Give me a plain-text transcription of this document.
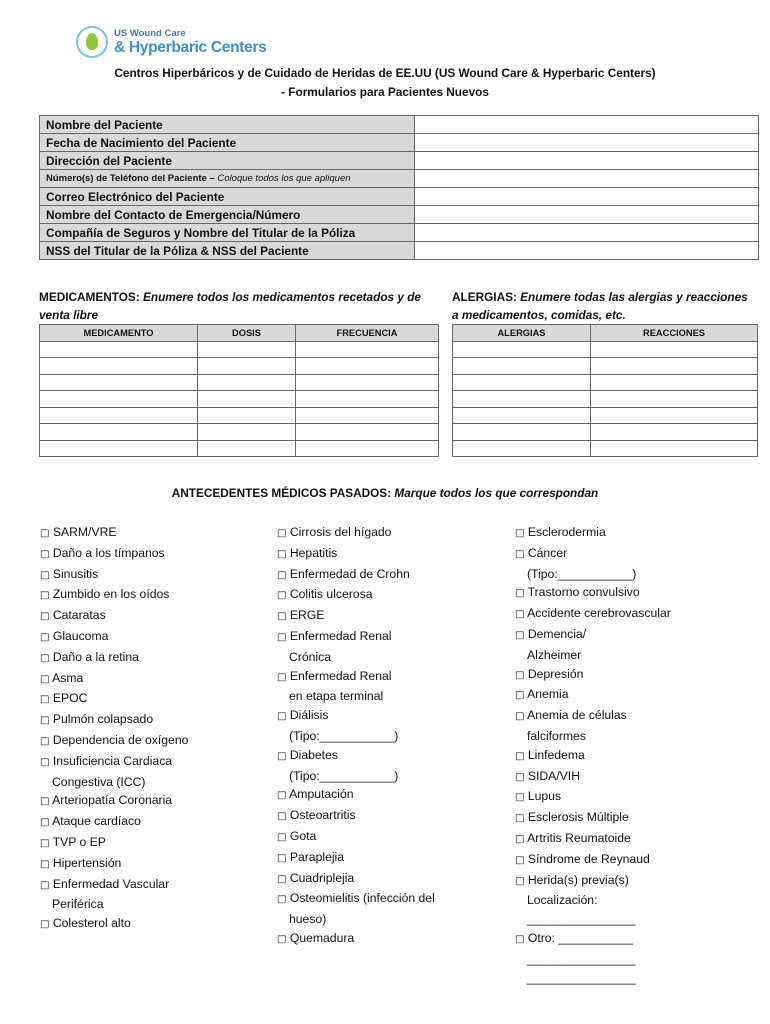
US Wound Care
& Hyperbaric Centers
Centros Hiperbáricos y de Cuidado de Heridas de EE.UU (US Wound Care & Hyperbaric Centers)
- Formularios para Pacientes Nuevos
Nombre del Paciente	
Fecha de Nacimiento del Paciente	
Dirección del Paciente	
Número(s) de Teléfono del Paciente – Coloque todos los que apliquen	
Correo Electrónico del Paciente	
Nombre del Contacto de Emergencia/Número	
Compañía de Seguros y Nombre del Titular de la Póliza	
NSS del Titular de la Póliza & NSS del Paciente	
MEDICAMENTOS: Enumere todos los medicamentos recetados y de venta libre
ALERGIAS: Enumere todas las alergias y reacciones a medicamentos, comidas, etc.
MEDICAMENTO	DOSIS	FRECUENCIA

			ALERGIAS	REACCIONES

ANTECEDENTES MÉDICOS PASADOS: Marque todos los que correspondan
□ SARM/VRE
□ Daño a los tímpanos
□ Sinusitis
□ Zumbido en los oídos
□ Cataratas
□ Glaucoma
□ Daño a la retina
□ Asma
□ EPOC
□ Pulmón colapsado
□ Dependencia de oxígeno
□ Insuficiencia Cardiaca
Congestiva (ICC)
□ Arteriopatía Coronaria
□ Ataque cardíaco
□ TVP o EP
□ Hipertensión
□ Enfermedad Vascular
Periférica
□ Colesterol alto
□ Cirrosis del hígado
□ Hepatitis
□ Enfermedad de Crohn
□ Colitis ulcerosa
□ ERGE
□ Enfermedad Renal
Crónica
□ Enfermedad Renal
en etapa terminal
□ Diálisis
(Tipo:___________)
□ Diabetes
(Tipo:___________)
□ Amputación
□ Osteoartritis
□ Gota
□ Paraplejia
□ Cuadriplejia
□ Osteomielitis (infección del
hueso)
□ Quemadura
□ Esclerodermia
□ Cáncer
(Tipo:___________)
□ Trastorno convulsivo
□ Accidente cerebrovascular
□ Demencia/
Alzheimer
□ Depresión
□ Anemia
□ Anemia de células
falciformes
□ Linfedema
□ SIDA/VIH
□ Lupus
□ Esclerosis Múltiple
□ Artritis Reumatoide
□ Síndrome de Reynaud
□ Herida(s) previa(s)
Localización:
________________
□ Otro: ___________
________________
________________
